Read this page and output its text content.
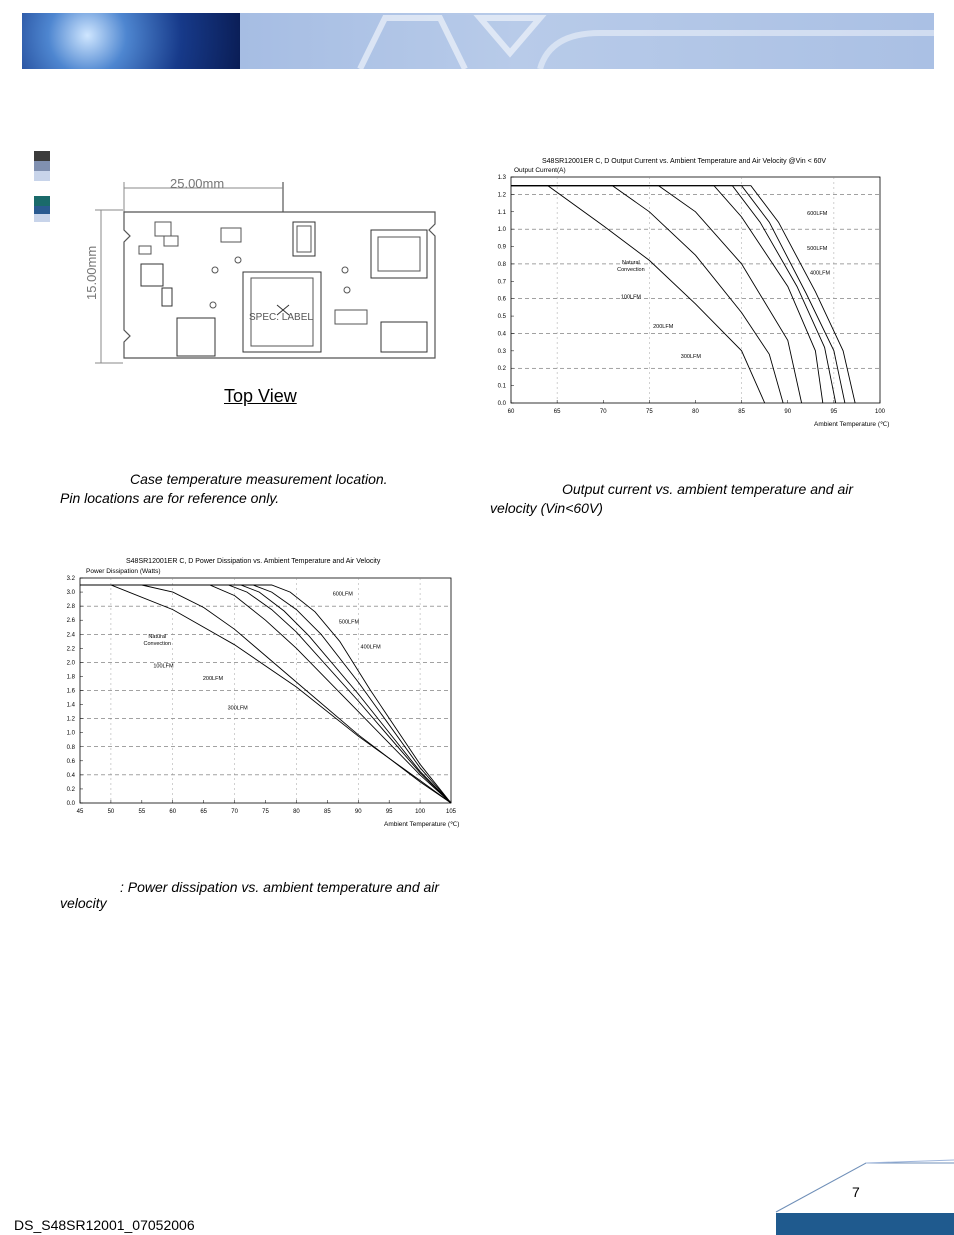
25.00mm
15.00mm
SPEC. LABEL
Top View
Case temperature measurement location.
Pin locations are for reference only.
S48SR12001ER C, D Output Current vs. Ambient Temperature and Air Velocity @Vin < 60V
Output Current(A)
Ambient Temperature (℃)
0.0
0.1
0.2
0.3
0.4
0.5
0.6
0.7
0.8
0.9
1.0
1.1
1.2
1.3
60	65	70	75	80	85	90	95	100
Natural
Convection
100LFM
200LFM
300LFM
400LFM
500LFM
600LFM
Output current vs. ambient temperature and air
velocity (Vin<60V)
S48SR12001ER C, D Power Dissipation vs. Ambient Temperature and Air Velocity
Power Dissipation (Watts)
Ambient Temperature (℃)
0.0
0.2
0.4
0.6
0.8
1.0
1.2
1.4
1.6
1.8
2.0
2.2
2.4
2.6
2.8
3.0
3.2
45	50	55	60	65	70	75	80	85	90	95	100	105
Natural
Convection
100LFM
200LFM
300LFM
400LFM
500LFM
600LFM
: Power dissipation vs. ambient temperature and air
velocity
7
DS_S48SR12001_07052006
